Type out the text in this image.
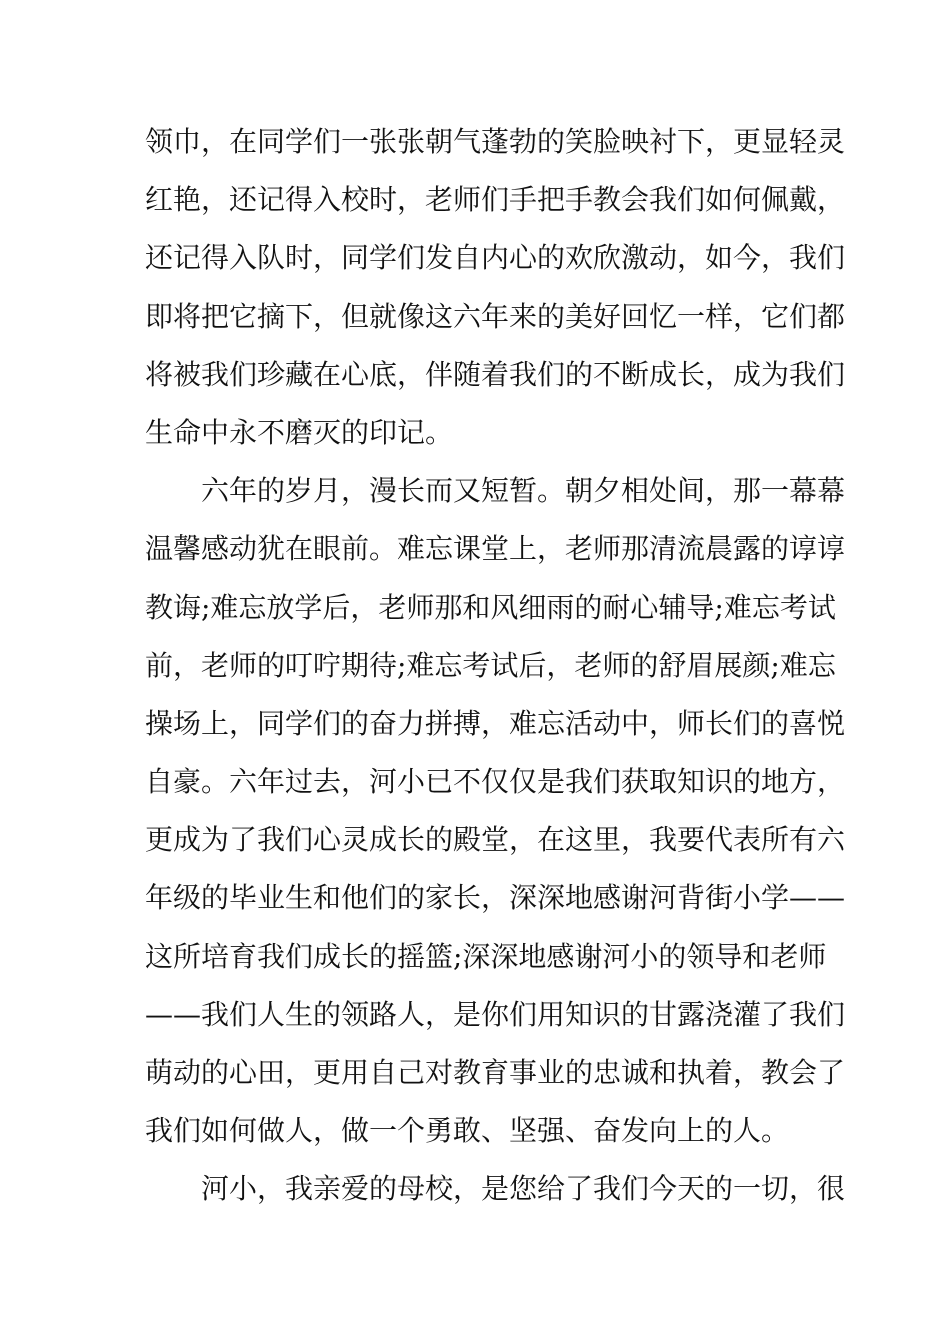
领巾，在同学们一张张朝气蓬勃的笑脸映衬下，更显轻灵
红艳，还记得入校时，老师们手把手教会我们如何佩戴，
还记得入队时，同学们发自内心的欢欣激动，如今，我们
即将把它摘下，但就像这六年来的美好回忆一样，它们都
将被我们珍藏在心底，伴随着我们的不断成长，成为我们
生命中永不磨灭的印记。
六年的岁月，漫长而又短暂。朝夕相处间，那一幕幕
温馨感动犹在眼前。难忘课堂上，老师那清流晨露的谆谆
教诲;难忘放学后，老师那和风细雨的耐心辅导;难忘考试
前，老师的叮咛期待;难忘考试后，老师的舒眉展颜;难忘
操场上，同学们的奋力拼搏，难忘活动中，师长们的喜悦
自豪。六年过去，河小已不仅仅是我们获取知识的地方，
更成为了我们心灵成长的殿堂，在这里，我要代表所有六
年级的毕业生和他们的家长，深深地感谢河背街小学——
这所培育我们成长的摇篮;深深地感谢河小的领导和老师
——我们人生的领路人，是你们用知识的甘露浇灌了我们
萌动的心田，更用自己对教育事业的忠诚和执着，教会了
我们如何做人，做一个勇敢、坚强、奋发向上的人。
河小，我亲爱的母校，是您给了我们今天的一切，很
